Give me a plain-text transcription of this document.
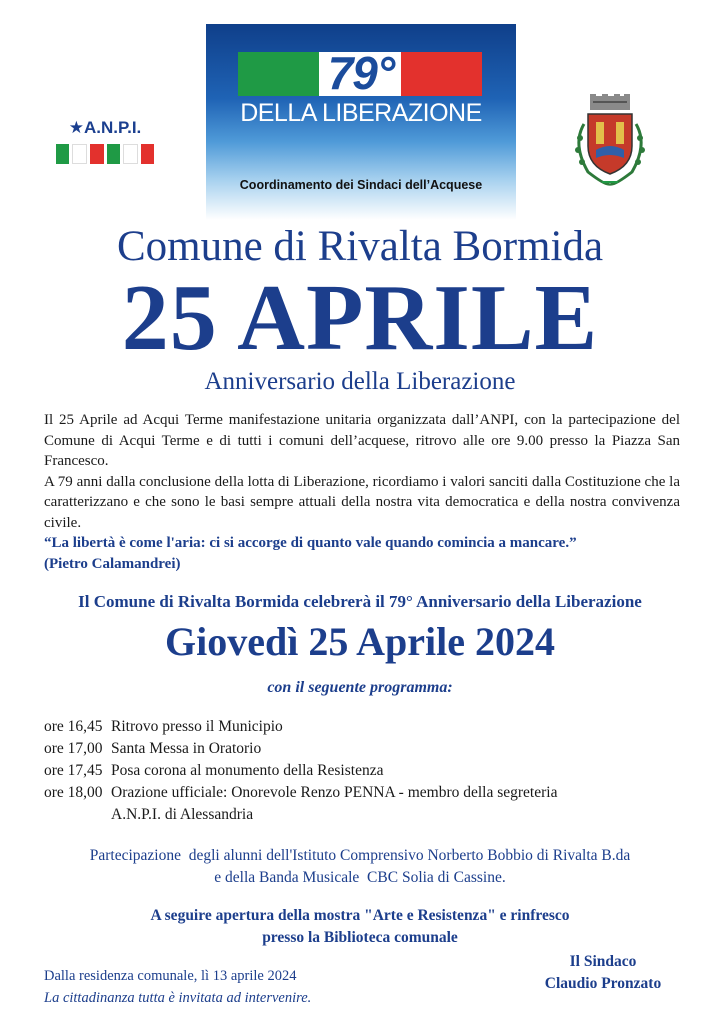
79°
DELLA LIBERAZIONE
Coordinamento dei Sindaci dell’Acquese
★A.N.P.I.
Comune di Rivalta Bormida
25 APRILE
Anniversario della Liberazione

Il 25 Aprile ad Acqui Terme manifestazione unitaria organizzata dall’ANPI, con la partecipazione del Comune di Acqui Terme e di tutti i comuni dell’acquese, ritrovo alle ore 9.00 presso la Piazza San Francesco.

A 79 anni dalla conclusione della lotta di Liberazione, ricordiamo i valori sanciti dalla Costituzione che la caratterizzano e che sono le basi sempre attuali della nostra vita democratica e della nostra convivenza civile.

“La libertà è come l'aria: ci si accorge di quanto vale quando comincia a mancare.”

(Pietro Calamandrei)

Il Comune di Rivalta Bormida celebrerà il 79° Anniversario della Liberazione
Giovedì 25 Aprile 2024
con il seguente programma:
ore 16,45 Ritrovo presso il Municipio
ore 17,00 Santa Messa in Oratorio
ore 17,45 Posa corona al monumento della Resistenza
ore 18,00 Orazione ufficiale: Onorevole Renzo PENNA - membro della segreteria
A.N.P.I. di Alessandria
Partecipazione  degli alunni dell'Istituto Comprensivo Norberto Bobbio di Rivalta B.da
e della Banda Musicale  CBC Solia di Cassine.
A seguire apertura della mostra "Arte e Resistenza" e rinfresco
presso la Biblioteca comunale
Dalla residenza comunale, lì 13 aprile 2024
La cittadinanza tutta è invitata ad intervenire.
Il Sindaco
Claudio Pronzato
